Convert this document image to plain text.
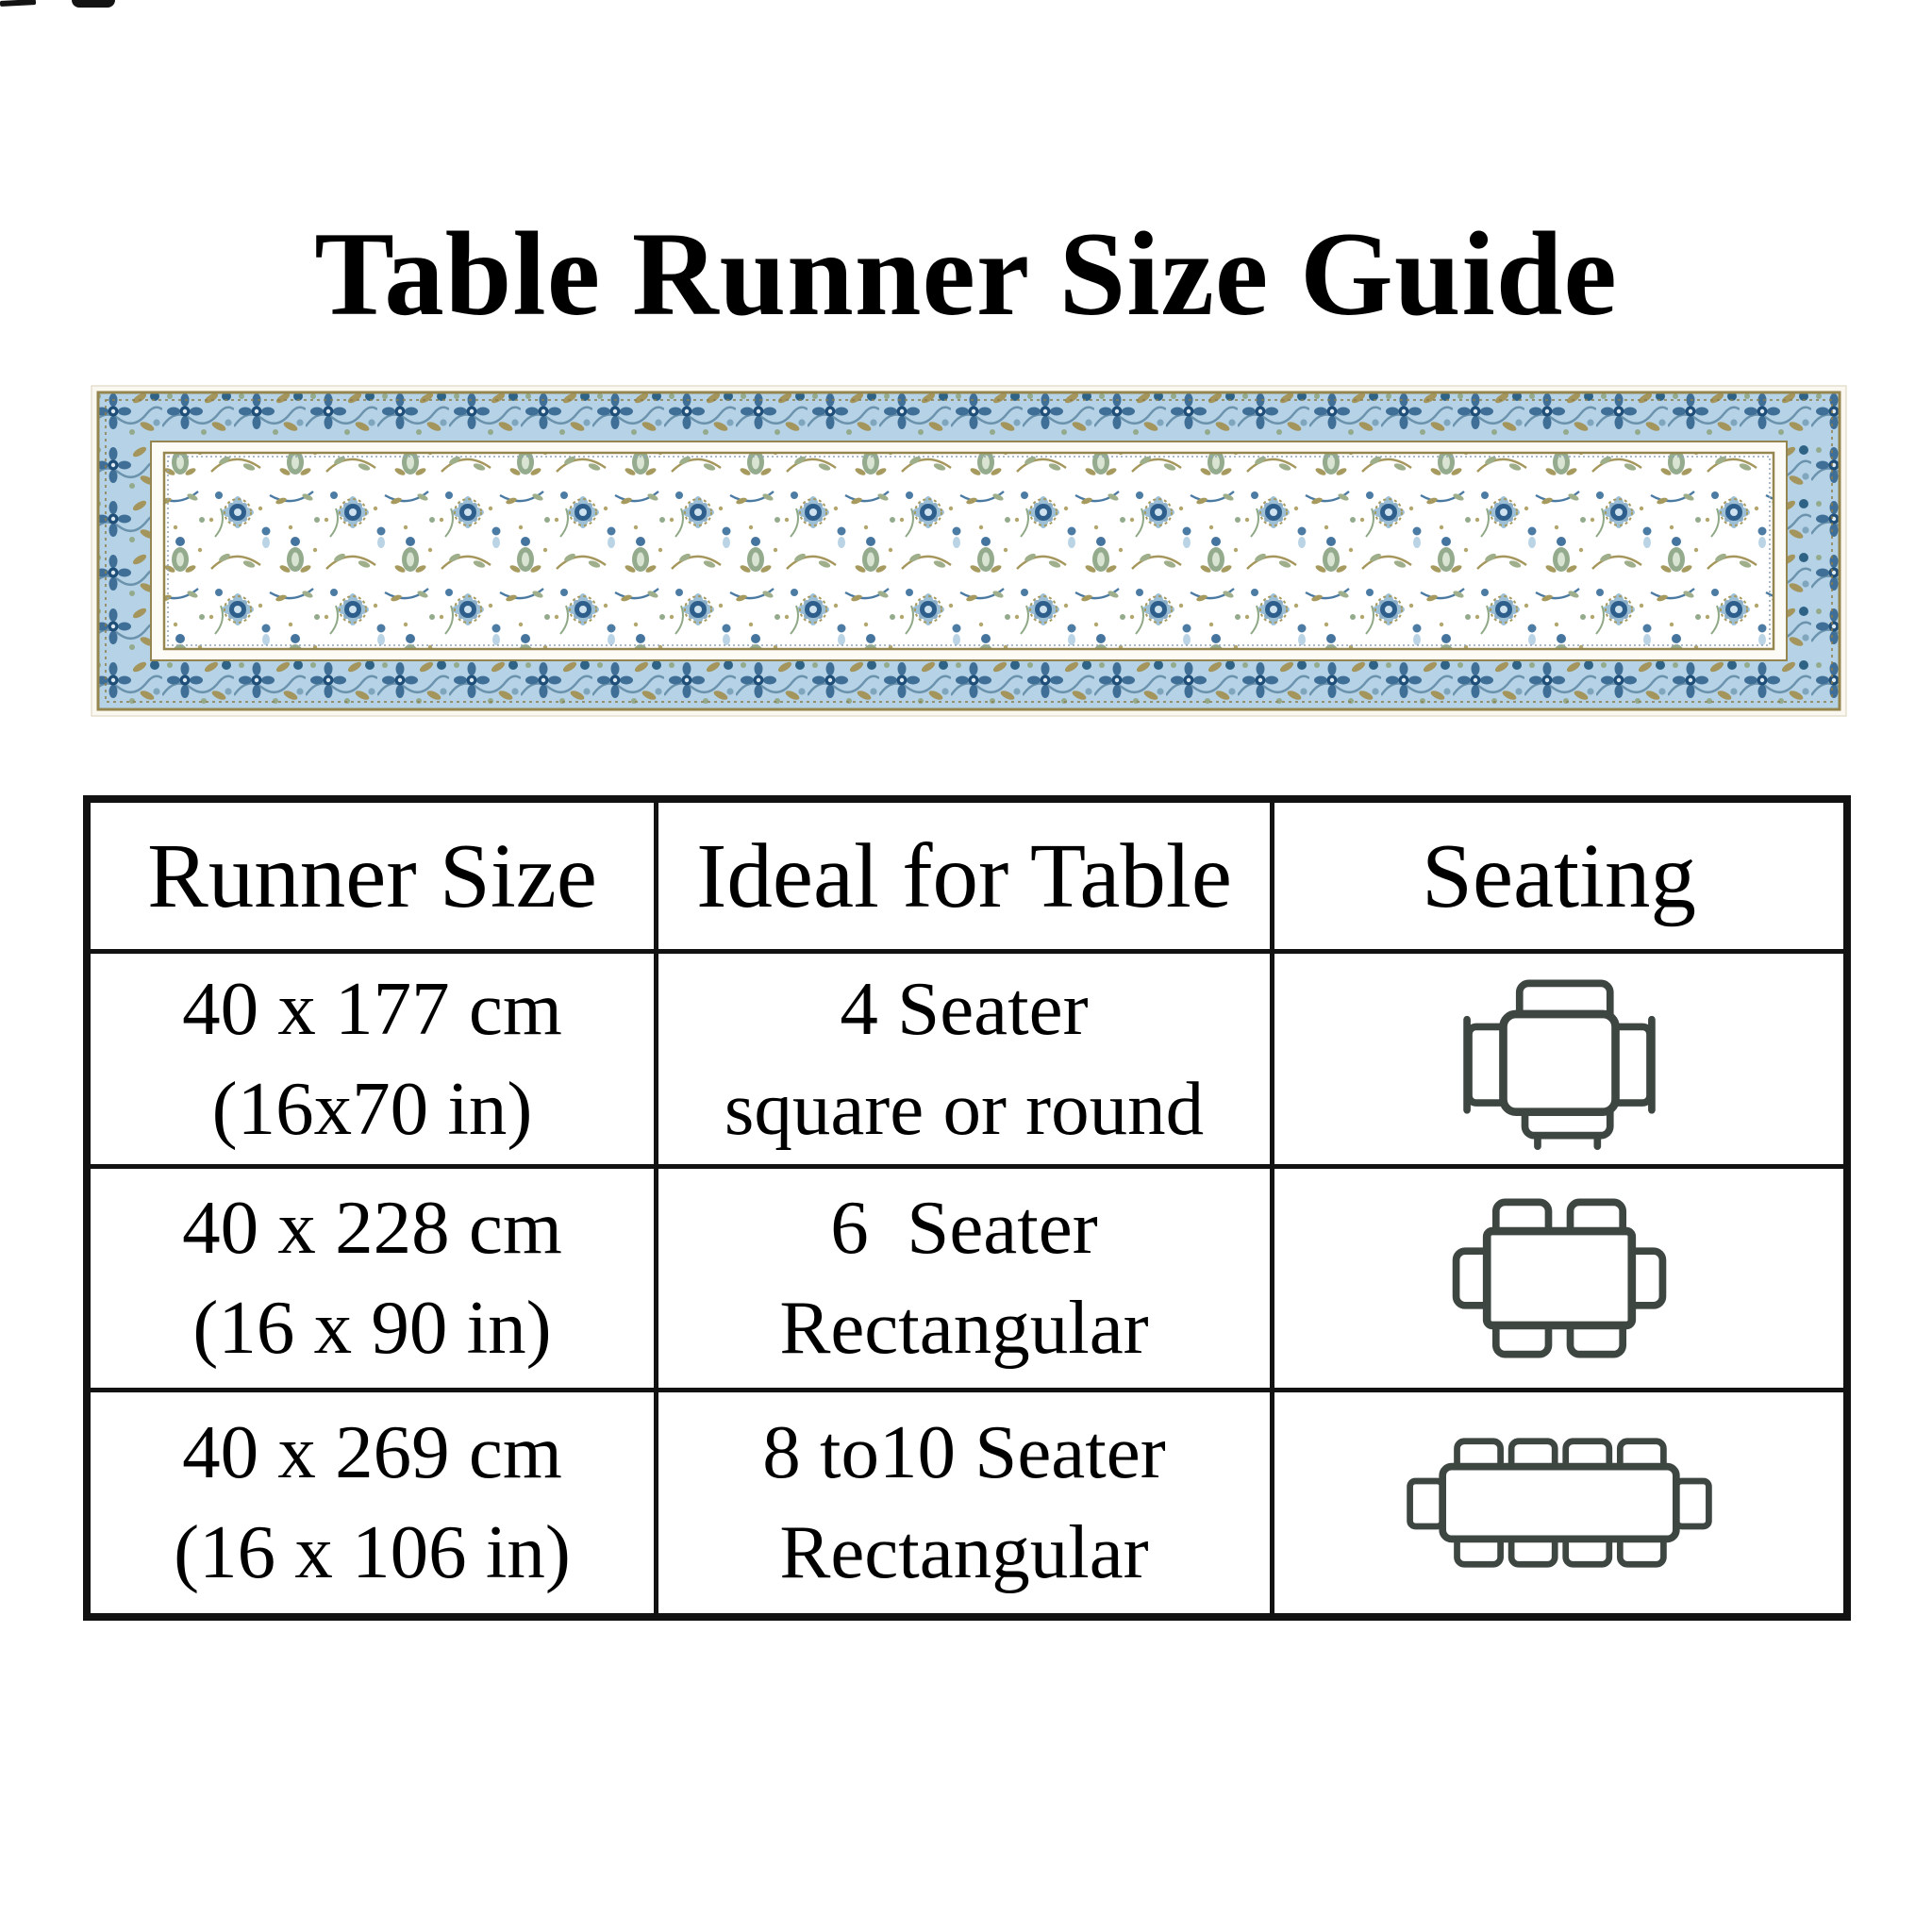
Table Runner Size Guide
Runner Size Ideal for Table Seating
40 x 177 cm
(16x70 in)
4 Seater
square or round
40 x 228 cm
(16 x 90 in)
6  Seater
Rectangular
40 x 269 cm
(16 x 106 in)
8 to10 Seater
Rectangular
